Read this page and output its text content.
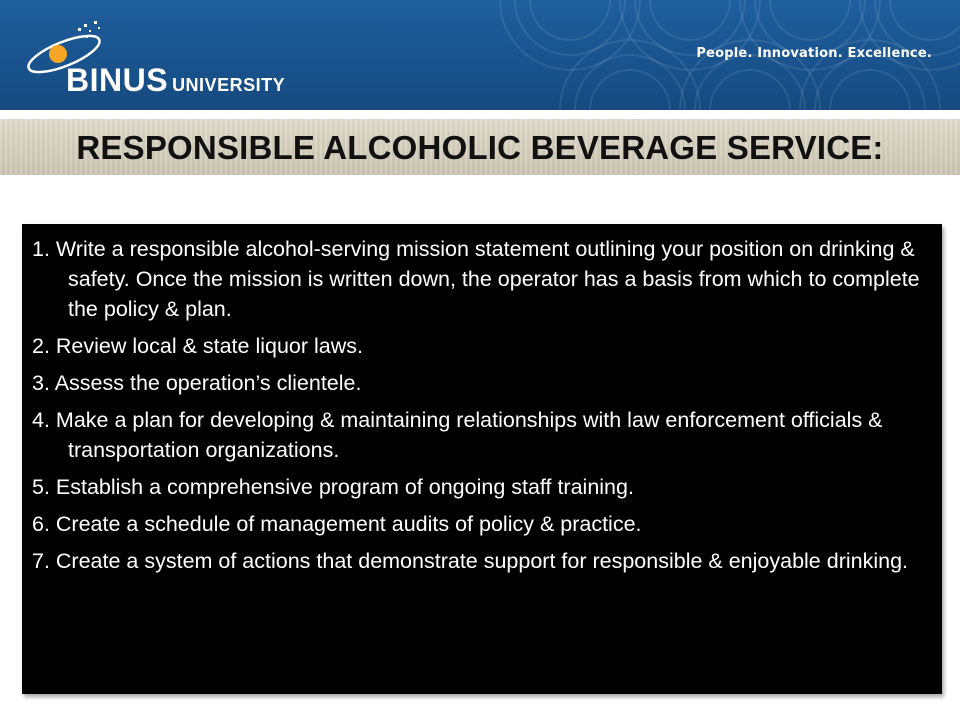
BINUS UNIVERSITY
People. Innovation. Excellence.
RESPONSIBLE ALCOHOLIC BEVERAGE SERVICE:
1. Write a responsible alcohol-serving mission statement outlining your position on drinking & safety. Once the mission is written down, the operator has a basis from which to complete the policy & plan.
2. Review local & state liquor laws.
3. Assess the operation’s clientele.
4. Make a plan for developing & maintaining relationships with law enforcement officials & transportation organizations.
5. Establish a comprehensive program of ongoing staff training.
6. Create a schedule of management audits of policy & practice.
7. Create a system of actions that demonstrate support for responsible & enjoyable drinking.
